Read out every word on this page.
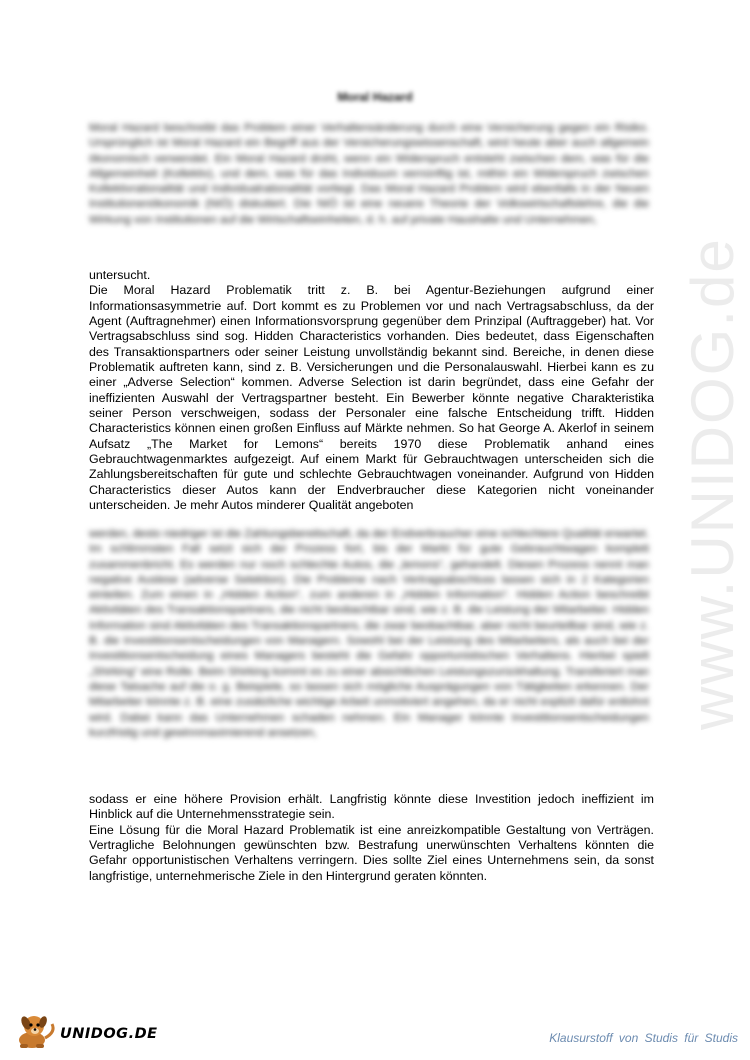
www.UNIDOG.de
Moral Hazard

Moral Hazard beschreibt das Problem einer Verhaltensänderung durch eine Versicherung gegen ein Risiko. Ursprünglich ist Moral Hazard ein Begriff aus der Versicherungswissenschaft, wird heute aber auch allgemein ökonomisch verwendet. Ein Moral Hazard droht, wenn ein Widerspruch entsteht zwischen dem, was für die Allgemeinheit (Kollektiv), und dem, was für das Individuum vernünftig ist, mithin ein Widerspruch zwischen Kollektivrationalität und Individualrationalität vorliegt. Das Moral Hazard Problem wird ebenfalls in der Neuen Institutionenökonomik (NIÖ) diskutiert. Die NIÖ ist eine neuere Theorie der Volkswirtschaftslehre, die die Wirkung von Institutionen auf die Wirtschaftseinheiten, d. h. auf private Haushalte und Unternehmen,

untersucht.

Die Moral Hazard Problematik tritt z. B. bei Agentur-Beziehungen aufgrund einer Informationsasymmetrie auf. Dort kommt es zu Problemen vor und nach Vertragsabschluss, da der Agent (Auftragnehmer) einen Informationsvorsprung gegenüber dem Prinzipal (Auftraggeber) hat. Vor Vertragsabschluss sind sog. Hidden Characteristics vorhanden. Dies bedeutet, dass Eigenschaften des Transaktionspartners oder seiner Leistung unvollständig bekannt sind. Bereiche, in denen diese Problematik auftreten kann, sind z. B. Versicherungen und die Personalauswahl. Hierbei kann es zu einer „Adverse Selection“ kommen. Adverse Selection ist darin begründet, dass eine Gefahr der ineffizienten Auswahl der Vertragspartner besteht. Ein Bewerber könnte negative Charakteristika seiner Person verschweigen, sodass der Personaler eine falsche Entscheidung trifft. Hidden Characteristics können einen großen Einfluss auf Märkte nehmen. So hat George A. Akerlof in seinem Aufsatz „The Market for Lemons“ bereits 1970 diese Problematik anhand eines Gebrauchtwagenmarktes aufgezeigt. Auf einem Markt für Gebrauchtwagen unterscheiden sich die Zahlungsbereitschaften für gute und schlechte Gebrauchtwagen voneinander. Aufgrund von Hidden Characteristics dieser Autos kann der Endverbraucher diese Kategorien nicht voneinander unterscheiden. Je mehr Autos minderer Qualität angeboten

werden, desto niedriger ist die Zahlungsbereitschaft, da der Endverbraucher eine schlechtere Qualität erwartet. Im schlimmsten Fall setzt sich der Prozess fort, bis der Markt für gute Gebrauchtwagen komplett zusammenbricht. Es werden nur noch schlechte Autos, die „lemons“, gehandelt. Diesen Prozess nennt man negative Auslese (adverse Selektion). Die Probleme nach Vertragsabschluss lassen sich in 2 Kategorien einteilen. Zum einen in „Hidden Action“, zum anderen in „Hidden Information“. Hidden Action beschreibt Aktivitäten des Transaktionspartners, die nicht beobachtbar sind, wie z. B. die Leistung der Mitarbeiter. Hidden Information sind Aktivitäten des Transaktionspartners, die zwar beobachtbar, aber nicht beurteilbar sind, wie z. B. die Investitionsentscheidungen von Managern. Sowohl bei der Leistung des Mitarbeiters, als auch bei der Investitionsentscheidung eines Managers besteht die Gefahr opportunistischen Verhaltens. Hierbei spielt „Shirking“ eine Rolle. Beim Shirking kommt es zu einer absichtlichen Leistungszurückhaltung. Transferiert man diese Tatsache auf die o. g. Beispiele, so lassen sich mögliche Ausprägungen von Tätigkeiten erkennen. Der Mitarbeiter könnte z. B. eine zusätzliche wichtige Arbeit unmotiviert angehen, da er nicht explizit dafür entlohnt wird. Dabei kann das Unternehmen schaden nehmen. Ein Manager könnte Investitionsentscheidungen kurzfristig und gewinnmaximierend ansetzen,

sodass er eine höhere Provision erhält. Langfristig könnte diese Investition jedoch ineffizient im Hinblick auf die Unternehmensstrategie sein.

Eine Lösung für die Moral Hazard Problematik ist eine anreizkompatible Gestaltung von Verträgen. Vertragliche Belohnungen gewünschten bzw. Bestrafung unerwünschten Verhaltens könnten die Gefahr opportunistischen Verhaltens verringern. Dies sollte Ziel eines Unternehmens sein, da sonst langfristige, unternehmerische Ziele in den Hintergrund geraten könnten.

UNIDOG.DE	Klausurstoff von Studis für Studis
